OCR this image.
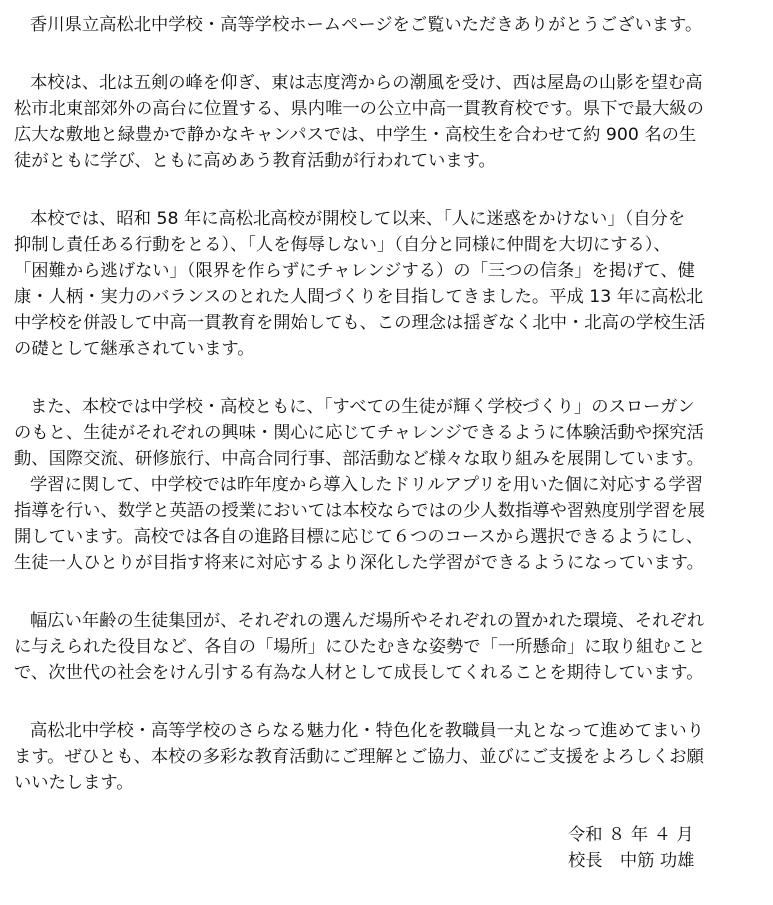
香川県立高松北中学校・高等学校ホームページをご覧いただきありがとうございます。
本校は、北は五剣の峰を仰ぎ、東は志度湾からの潮風を受け、西は屋島の山影を望む高
松市北東部郊外の高台に位置する、県内唯一の公立中高一貫教育校です。県下で最大級の
広大な敷地と緑豊かで静かなキャンパスでは、中学生・高校生を合わせて約 900 名の生
徒がともに学び、ともに高めあう教育活動が行われています。
本校では、昭和 58 年に高松北高校が開校して以来、「人に迷惑をかけない」（自分を
抑制し責任ある行動をとる）、「人を侮辱しない」（自分と同様に仲間を大切にする）、
「困難から逃げない」（限界を作らずにチャレンジする）の「三つの信条」を掲げて、健
康・人柄・実力のバランスのとれた人間づくりを目指してきました。平成 13 年に高松北
中学校を併設して中高一貫教育を開始しても、この理念は揺ぎなく北中・北高の学校生活
の礎として継承されています。
また、本校では中学校・高校ともに、「すべての生徒が輝く学校づくり」のスローガン
のもと、生徒がそれぞれの興味・関心に応じてチャレンジできるように体験活動や探究活
動、国際交流、研修旅行、中高合同行事、部活動など様々な取り組みを展開しています。
学習に関して、中学校では昨年度から導入したドリルアプリを用いた個に対応する学習
指導を行い、数学と英語の授業においては本校ならではの少人数指導や習熟度別学習を展
開しています。高校では各自の進路目標に応じて６つのコースから選択できるようにし、
生徒一人ひとりが目指す将来に対応するより深化した学習ができるようになっています。
幅広い年齢の生徒集団が、それぞれの選んだ場所やそれぞれの置かれた環境、それぞれ
に与えられた役目など、各自の「場所」にひたむきな姿勢で「一所懸命」に取り組むこと
で、次世代の社会をけん引する有為な人材として成長してくれることを期待しています。
高松北中学校・高等学校のさらなる魅力化・特色化を教職員一丸となって進めてまいり
ます。ぜひとも、本校の多彩な教育活動にご理解とご協力、並びにご支援をよろしくお願
いいたします。
令和 ８ 年 ４ 月
校長　中筋 功雄
